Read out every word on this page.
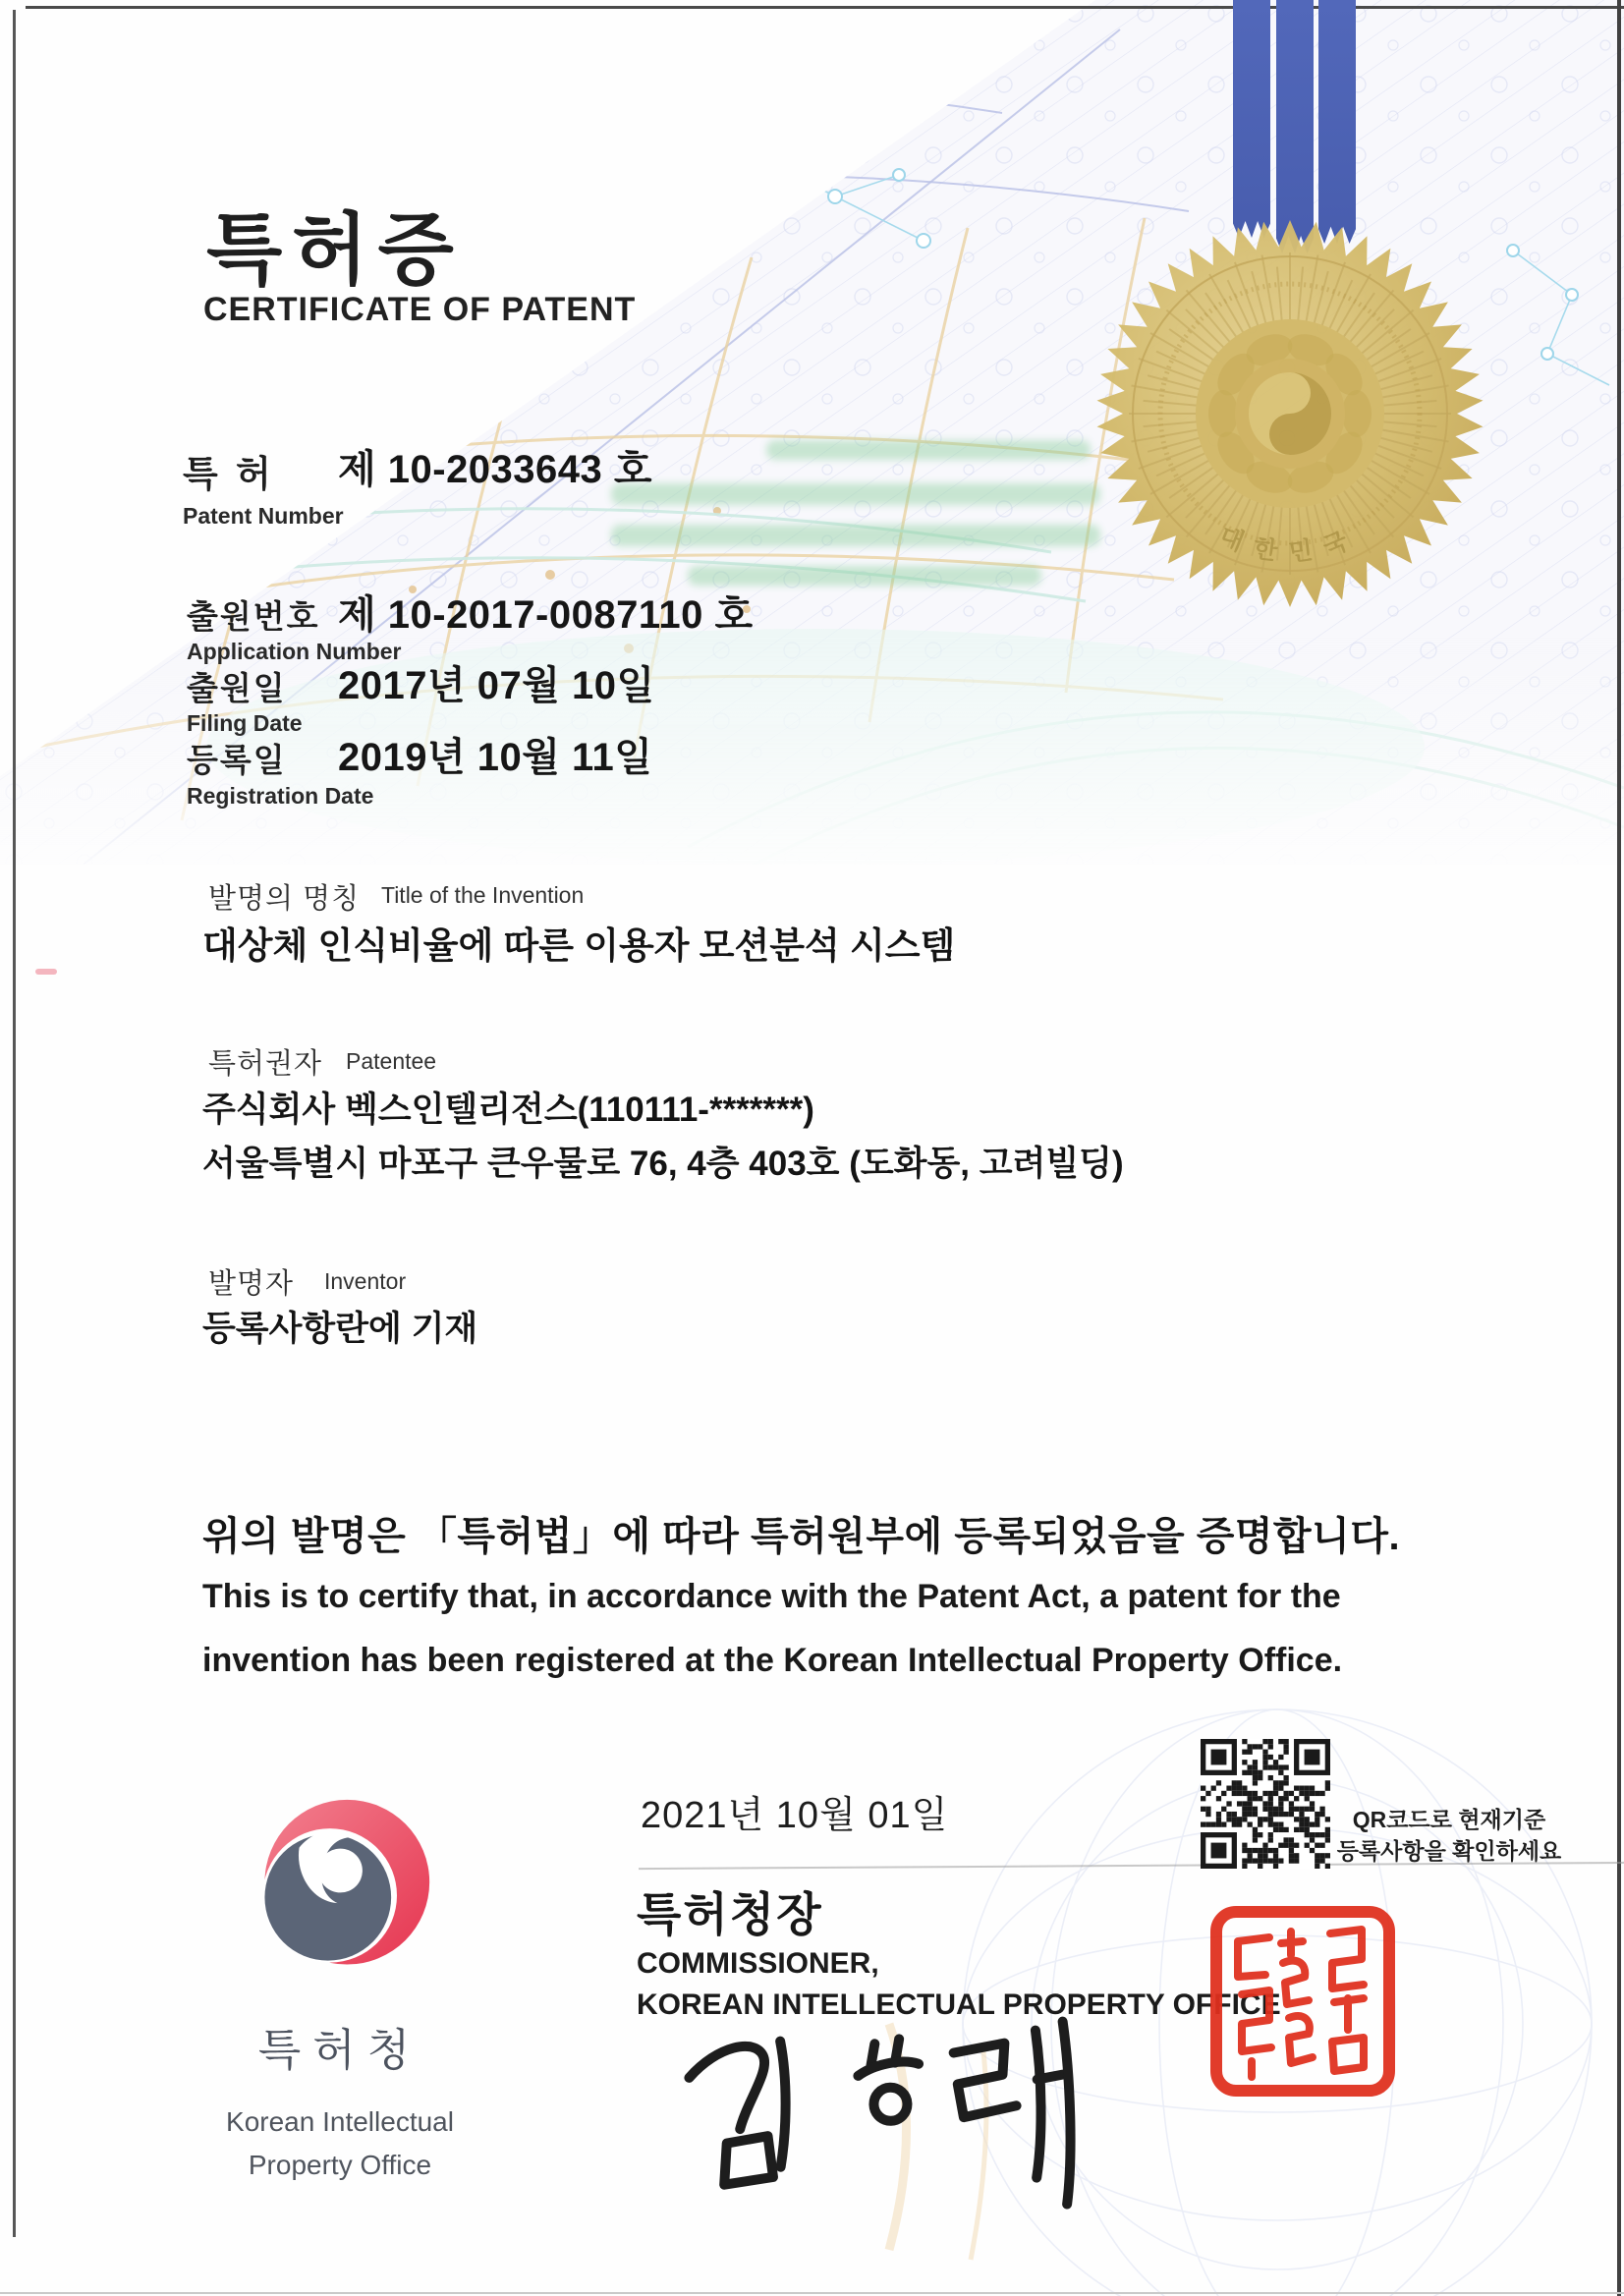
대한민국
특허증
CERTIFICATE OF PATENT
특 허
Patent Number
제 10-2033643 호
출원번호
Application Number
제 10-2017-0087110 호
출원일
Filing Date
2017년 07월 10일
등록일
Registration Date
2019년 10월 11일
발명의 명칭 Title of the Invention
대상체 인식비율에 따른 이용자 모션분석 시스템
특허권자 Patentee
주식회사 벡스인텔리전스(110111-*******)
서울특별시 마포구 큰우물로 76, 4층 403호 (도화동, 고려빌딩)
발명자 Inventor
등록사항란에 기재
위의 발명은 「특허법」에 따라 특허원부에 등록되었음을 증명합니다.
This is to certify that, in accordance with the Patent Act, a patent for the
invention has been registered at the Korean Intellectual Property Office.
2021년 10월 01일	QR코드로 현재기준
등록사항을 확인하세요
특허청장
COMMISSIONER,
KOREAN INTELLECTUAL PROPERTY OFFICE
특허청
Korean Intellectual
Property Office
